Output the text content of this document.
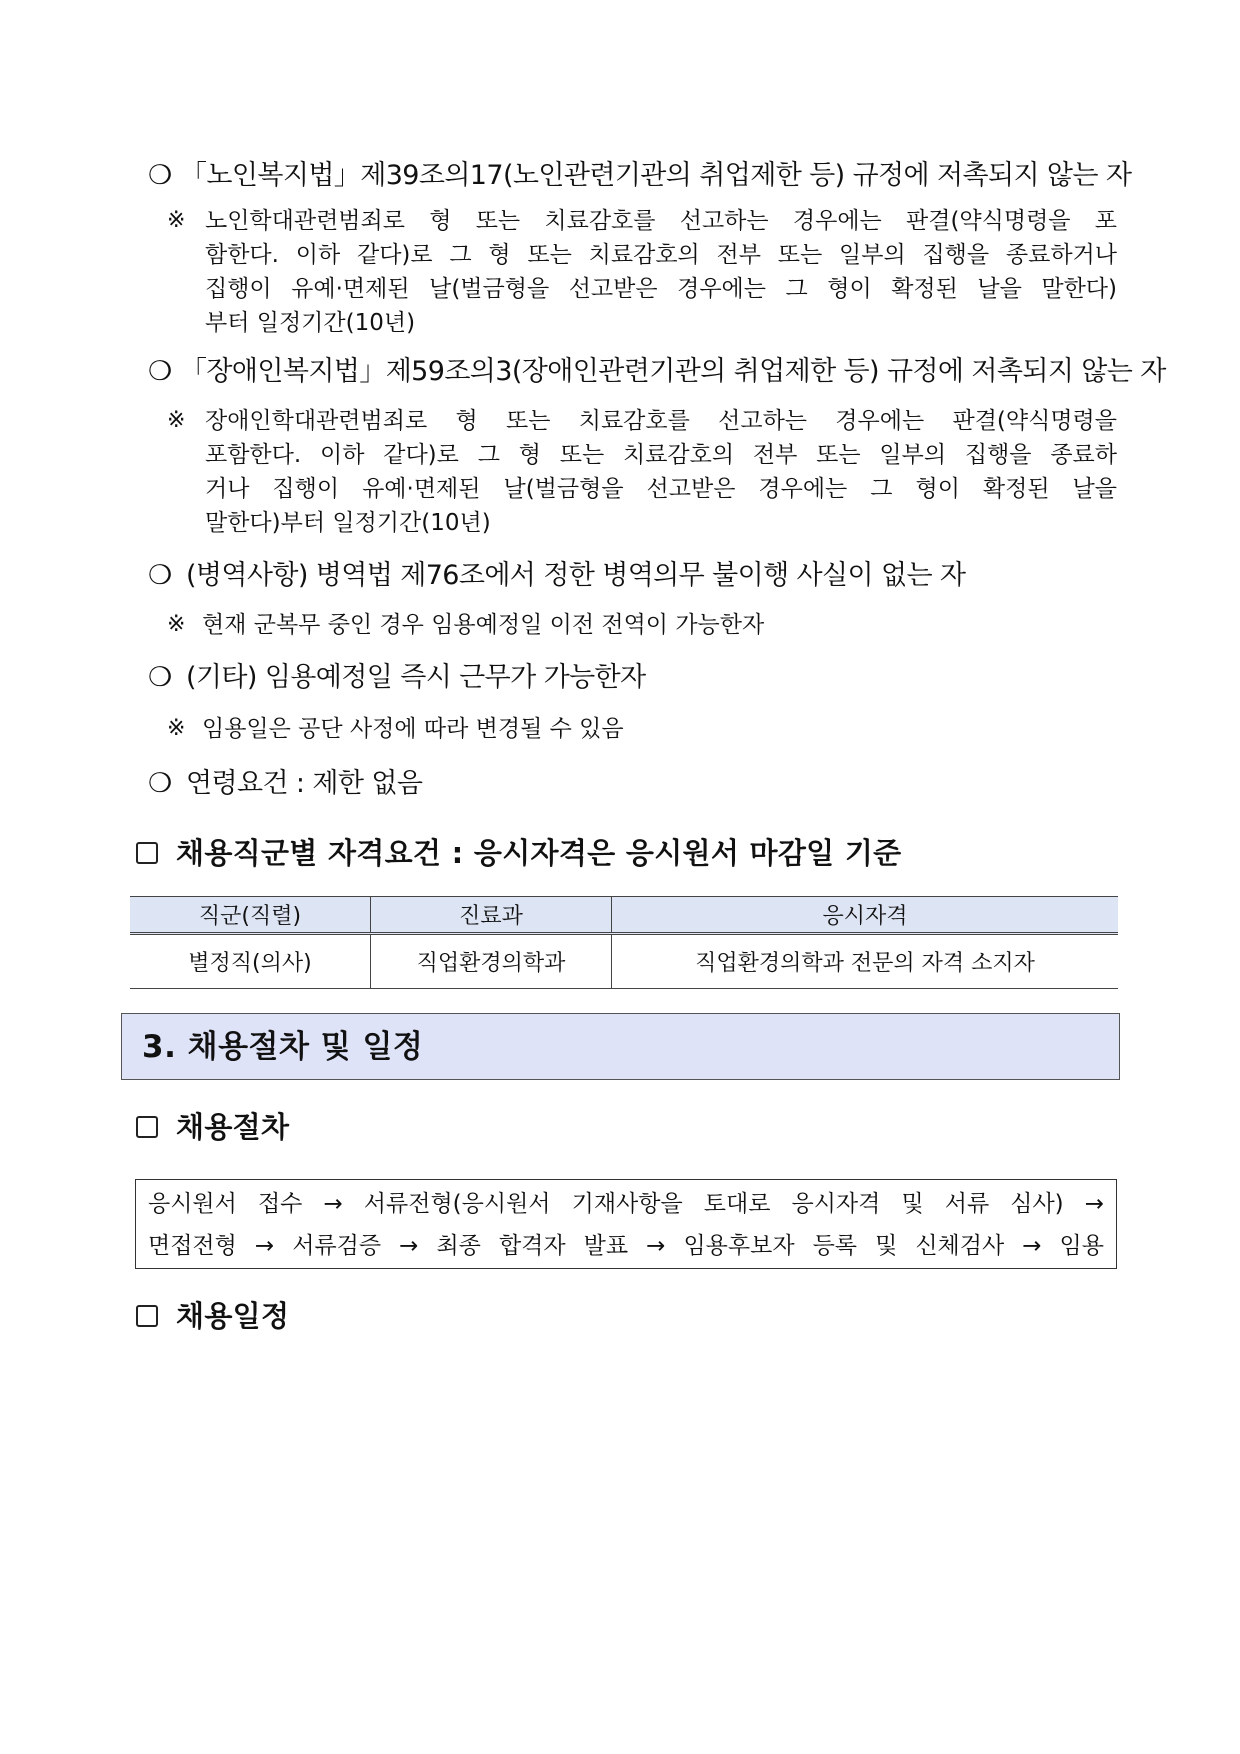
❍ 「노인복지법」제39조의17(노인관련기관의 취업제한 등) 규정에 저촉되지 않는 자
※ 노인학대관련범죄로 형 또는 치료감호를 선고하는 경우에는 판결(약식명령을 포
함한다. 이하 같다)로 그 형 또는 치료감호의 전부 또는 일부의 집행을 종료하거나
집행이 유예·면제된 날(벌금형을 선고받은 경우에는 그 형이 확정된 날을 말한다)
부터 일정기간(10년)
❍ 「장애인복지법」제59조의3(장애인관련기관의 취업제한 등) 규정에 저촉되지 않는 자
※ 장애인학대관련범죄로 형 또는 치료감호를 선고하는 경우에는 판결(약식명령을
포함한다. 이하 같다)로 그 형 또는 치료감호의 전부 또는 일부의 집행을 종료하
거나 집행이 유예·면제된 날(벌금형을 선고받은 경우에는 그 형이 확정된 날을
말한다)부터 일정기간(10년)
❍ (병역사항) 병역법 제76조에서 정한 병역의무 불이행 사실이 없는 자
※ 현재 군복무 중인 경우 임용예정일 이전 전역이 가능한자
❍ (기타) 임용예정일 즉시 근무가 가능한자
※ 임용일은 공단 사정에 따라 변경될 수 있음
❍ 연령요건 : 제한 없음
채용직군별 자격요건 : 응시자격은 응시원서 마감일 기준
직군(직렬)	진료과	응시자격
별정직(의사)	직업환경의학과	직업환경의학과 전문의 자격 소지자
3. 채용절차 및 일정
채용절차
응시원서 접수 → 서류전형(응시원서 기재사항을 토대로 응시자격 및 서류 심사) →
면접전형 → 서류검증 → 최종 합격자 발표 → 임용후보자 등록 및 신체검사 → 임용
채용일정
